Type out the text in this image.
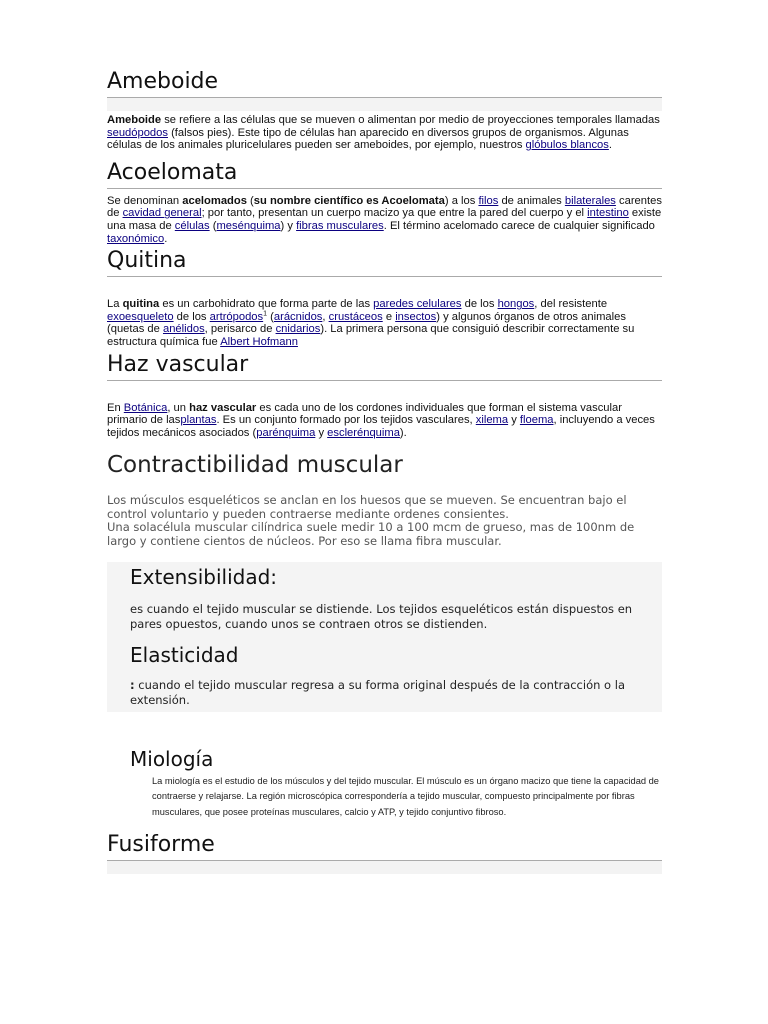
Ameboide

Ameboide se refiere a las células que se mueven o alimentan por medio de proyecciones temporales llamadas seudópodos (falsos pies). Este tipo de células han aparecido en diversos grupos de organismos. Algunas células de los animales pluricelulares pueden ser ameboides, por ejemplo, nuestros glóbulos blancos.

Acoelomata

Se denominan acelomados (su nombre científico es Acoelomata) a los filos de animales bilaterales carentes de cavidad general; por tanto, presentan un cuerpo macizo ya que entre la pared del cuerpo y el intestino existe una masa de células (mesénquima) y fibras musculares. El término acelomado carece de cualquier significado taxonómico.

Quitina

La quitina es un carbohidrato que forma parte de las paredes celulares de los hongos, del resistente exoesqueleto de los artrópodos$^1$ (arácnidos, crustáceos e insectos) y algunos órganos de otros animales (quetas de anélidos, perisarco de cnidarios). La primera persona que consiguió describir correctamente su estructura química fue Albert Hofmann

Haz vascular

En Botánica, un haz vascular es cada uno de los cordones individuales que forman el sistema vascular primario de lasplantas. Es un conjunto formado por los tejidos vasculares, xilema y floema, incluyendo a veces tejidos mecánicos asociados (parénquima y esclerénquima).

Contractibilidad muscular

Los músculos esqueléticos se anclan en los huesos que se mueven. Se encuentran bajo el control voluntario y pueden contraerse mediante ordenes consientes.

Una solacélula muscular cilíndrica suele medir 10 a 100 mcm de grueso, mas de 100nm de largo y contiene cientos de núcleos. Por eso se llama fibra muscular.

Extensibilidad:

es cuando el tejido muscular se distiende. Los tejidos esqueléticos están dispuestos en pares opuestos, cuando unos se contraen otros se distienden.

Elasticidad

: cuando el tejido muscular regresa a su forma original después de la contracción o la extensión.

Miología

La miología es el estudio de los músculos y del tejido muscular. El músculo es un órgano macizo que tiene la capacidad de contraerse y relajarse. La región microscópica correspondería a tejido muscular, compuesto principalmente por fibras musculares, que posee proteínas musculares, calcio y ATP, y tejido conjuntivo fibroso.

Fusiforme
